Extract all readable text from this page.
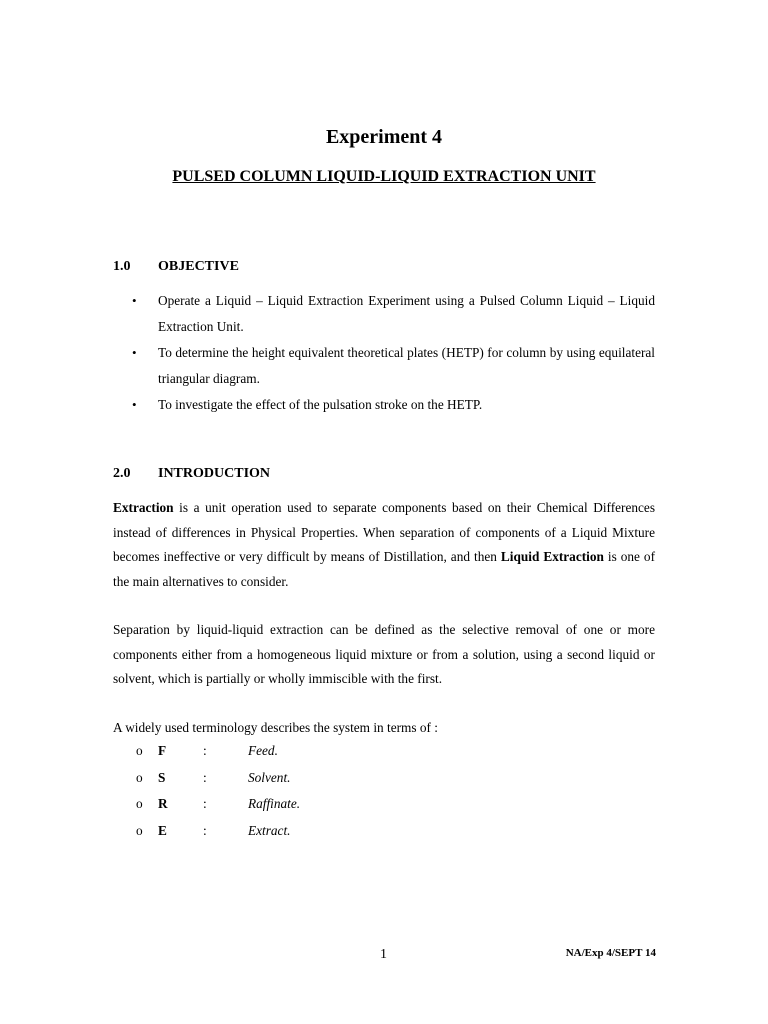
Experiment 4
PULSED COLUMN LIQUID-LIQUID EXTRACTION UNIT
1.0 OBJECTIVE
• Operate a Liquid – Liquid Extraction Experiment using a Pulsed Column Liquid – Liquid Extraction Unit.
• To determine the height equivalent theoretical plates (HETP) for column by using equilateral triangular diagram.
• To investigate the effect of the pulsation stroke on the HETP.
2.0 INTRODUCTION

Extraction is a unit operation used to separate components based on their Chemical Differences instead of differences in Physical Properties. When separation of components of a Liquid Mixture becomes ineffective or very difficult by means of Distillation, and then Liquid Extraction is one of the main alternatives to consider.

Separation by liquid-liquid extraction can be defined as the selective removal of one or more components either from a homogeneous liquid mixture or from a solution, using a second liquid or solvent, which is partially or wholly immiscible with the first.

A widely used terminology describes the system in terms of :

o F	:	Feed.
o S	:	Solvent.
o R	:	Raffinate.
o E	:	Extract.
1	NA/Exp 4/SEPT 14
